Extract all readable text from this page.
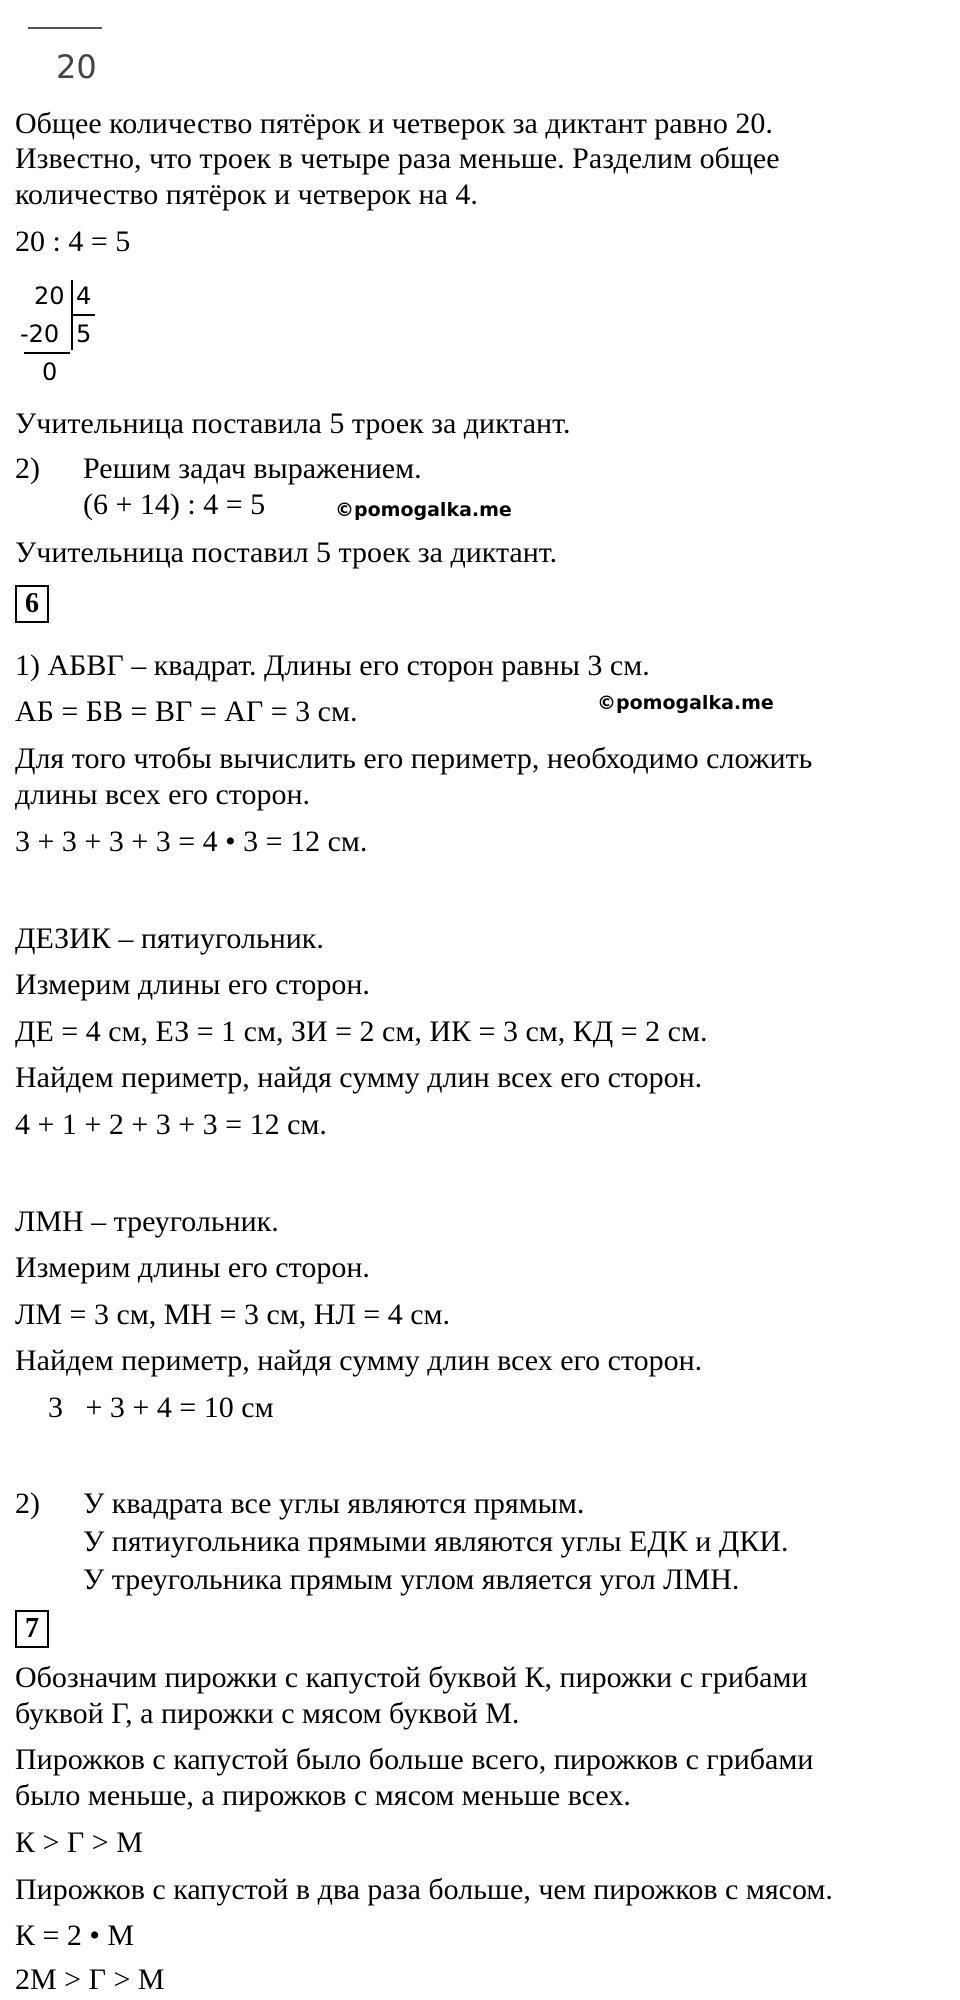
20
Общее количество пятёрок и четверок за диктант равно 20.
Известно, что троек в четыре раза меньше. Разделим общее
количество пятёрок и четверок на 4.
20 : 4 = 5
20 4
-20 5
0
Учительница поставила 5 троек за диктант.
2) Решим задач выражением.
(6 + 14) : 4 = 5	©pomogalka.me
Учительница поставил 5 троек за диктант.
6
1) АБВГ – квадрат. Длины его сторон равны 3 см.
АБ = БВ = ВГ = АГ = 3 см.	©pomogalka.me
Для того чтобы вычислить его периметр, необходимо сложить
длины всех его сторон.
3 + 3 + 3 + 3 = 4 • 3 = 12 см.
ДЕЗИК – пятиугольник.
Измерим длины его сторон.
ДЕ = 4 см, ЕЗ = 1 см, ЗИ = 2 см, ИК = 3 см, КД = 2 см.
Найдем периметр, найдя сумму длин всех его сторон.
4 + 1 + 2 + 3 + 3 = 12 см.
ЛМН – треугольник.
Измерим длины его сторон.
ЛМ = 3 см, МН = 3 см, НЛ = 4 см.
Найдем периметр, найдя сумму длин всех его сторон.
3   + 3 + 4 = 10 см
2) У квадрата все углы являются прямым.
У пятиугольника прямыми являются углы ЕДК и ДКИ.
У треугольника прямым углом является угол ЛМН.
7
Обозначим пирожки с капустой буквой К, пирожки с грибами
буквой Г, а пирожки с мясом буквой М.
Пирожков с капустой было больше всего, пирожков с грибами
было меньше, а пирожков с мясом меньше всех.
К > Г > М
Пирожков с капустой в два раза больше, чем пирожков с мясом.
К = 2 • М
2М > Г > М
